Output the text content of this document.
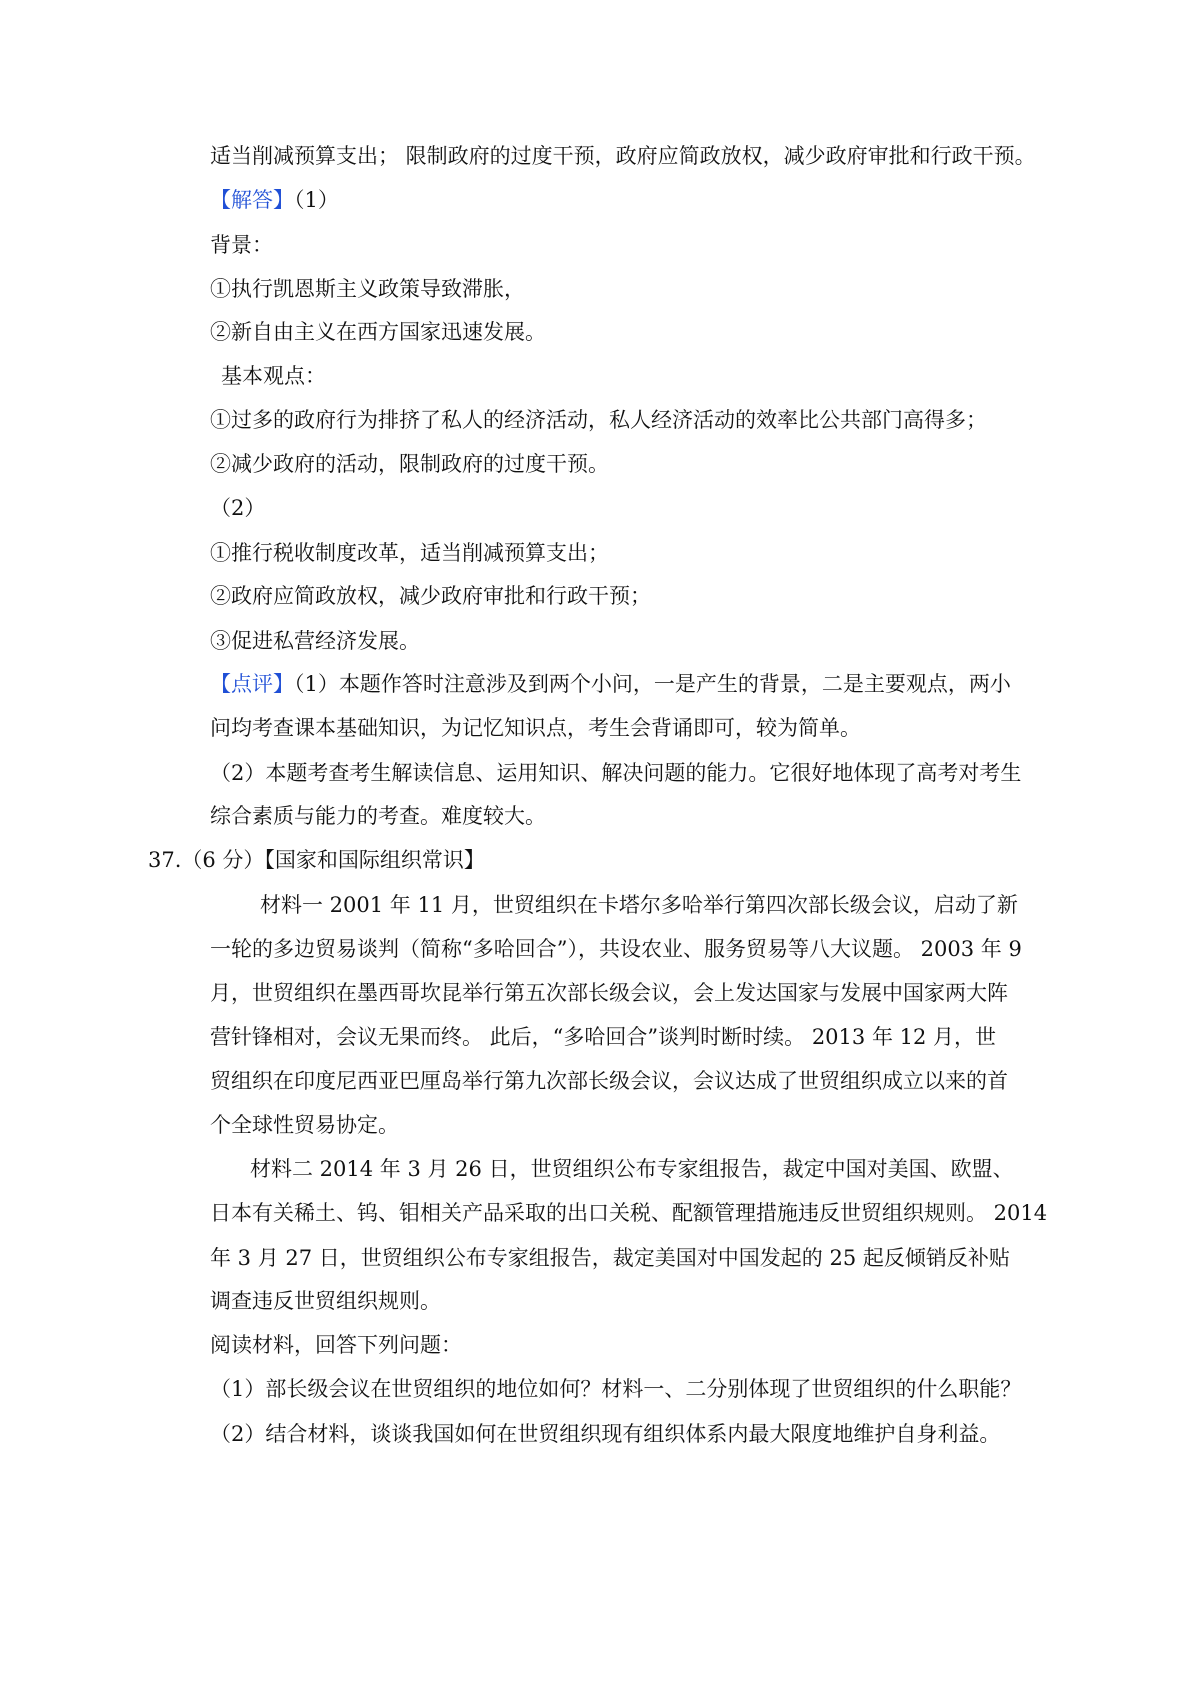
适当削减预算支出； 限制政府的过度干预，政府应简政放权，减少政府审批和行政干预。
【解答】（1）
背景：
①执行凯恩斯主义政策导致滞胀，
②新自由主义在西方国家迅速发展。
基本观点：
①过多的政府行为排挤了私人的经济活动，私人经济活动的效率比公共部门高得多；
②减少政府的活动，限制政府的过度干预。
（2）
①推行税收制度改革，适当削减预算支出；
②政府应简政放权，减少政府审批和行政干预；
③促进私营经济发展。
【点评】（1）本题作答时注意涉及到两个小问，一是产生的背景，二是主要观点，两小
问均考查课本基础知识，为记忆知识点，考生会背诵即可，较为简单。
（2）本题考查考生解读信息、运用知识、解决问题的能力。它很好地体现了高考对考生
综合素质与能力的考查。难度较大。
37.（6 分）【国家和国际组织常识】
材料一 2001 年 11 月，世贸组织在卡塔尔多哈举行第四次部长级会议，启动了新
一轮的多边贸易谈判（简称“多哈回合”），共设农业、服务贸易等八大议题。 2003 年 9
月，世贸组织在墨西哥坎昆举行第五次部长级会议，会上发达国家与发展中国家两大阵
营针锋相对，会议无果而终。 此后，“多哈回合”谈判时断时续。 2013 年 12 月，世
贸组织在印度尼西亚巴厘岛举行第九次部长级会议，会议达成了世贸组织成立以来的首
个全球性贸易协定。
材料二 2014 年 3 月 26 日，世贸组织公布专家组报告，裁定中国对美国、欧盟、
日本有关稀土、钨、钼相关产品采取的出口关税、配额管理措施违反世贸组织规则。 2014
年 3 月 27 日，世贸组织公布专家组报告，裁定美国对中国发起的 25 起反倾销反补贴
调查违反世贸组织规则。
阅读材料，回答下列问题：
（1）部长级会议在世贸组织的地位如何？材料一、二分别体现了世贸组织的什么职能？
（2）结合材料，谈谈我国如何在世贸组织现有组织体系内最大限度地维护自身利益。
